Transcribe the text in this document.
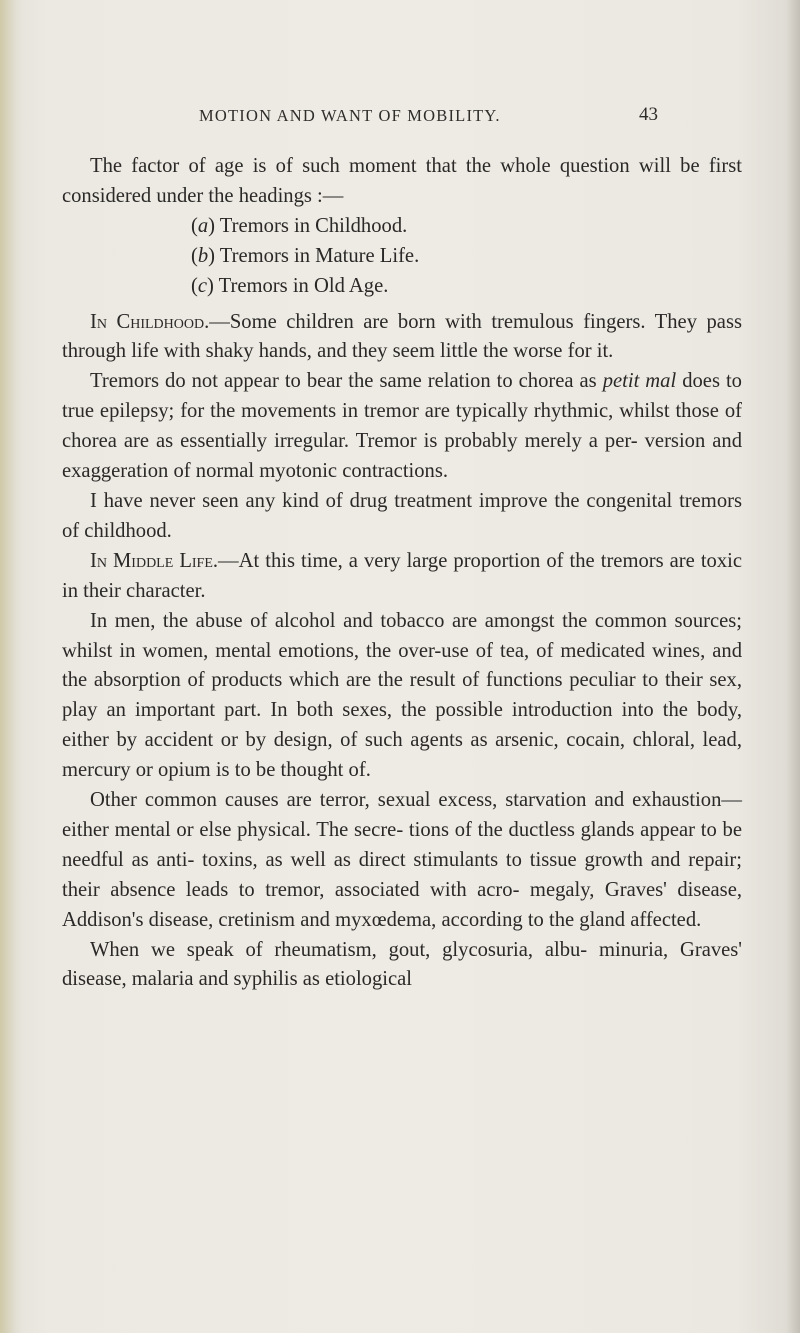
MOTION AND WANT OF MOBILITY.	43

The factor of age is of such moment that the whole question will be first considered under the headings :—

(a) Tremors in Childhood.
(b) Tremors in Mature Life.
(c) Tremors in Old Age.

In Childhood.—Some children are born with tremulous fingers. They pass through life with shaky hands, and they seem little the worse for it.

Tremors do not appear to bear the same relation to chorea as petit mal does to true epilepsy; for the movements in tremor are typically rhythmic, whilst those of chorea are as essentially irregular. Tremor is probably merely a per- version and exaggeration of normal myotonic contractions.

I have never seen any kind of drug treatment improve the congenital tremors of childhood.

In Middle Life.—At this time, a very large proportion of the tremors are toxic in their character.

In men, the abuse of alcohol and tobacco are amongst the common sources; whilst in women, mental emotions, the over-use of tea, of medicated wines, and the absorption of products which are the result of functions peculiar to their sex, play an important part. In both sexes, the possible introduction into the body, either by accident or by design, of such agents as arsenic, cocain, chloral, lead, mercury or opium is to be thought of.

Other common causes are terror, sexual excess, starvation and exhaustion—either mental or else physical. The secre- tions of the ductless glands appear to be needful as anti- toxins, as well as direct stimulants to tissue growth and repair; their absence leads to tremor, associated with acro- megaly, Graves' disease, Addison's disease, cretinism and myxœdema, according to the gland affected.

When we speak of rheumatism, gout, glycosuria, albu- minuria, Graves' disease, malaria and syphilis as etiological
